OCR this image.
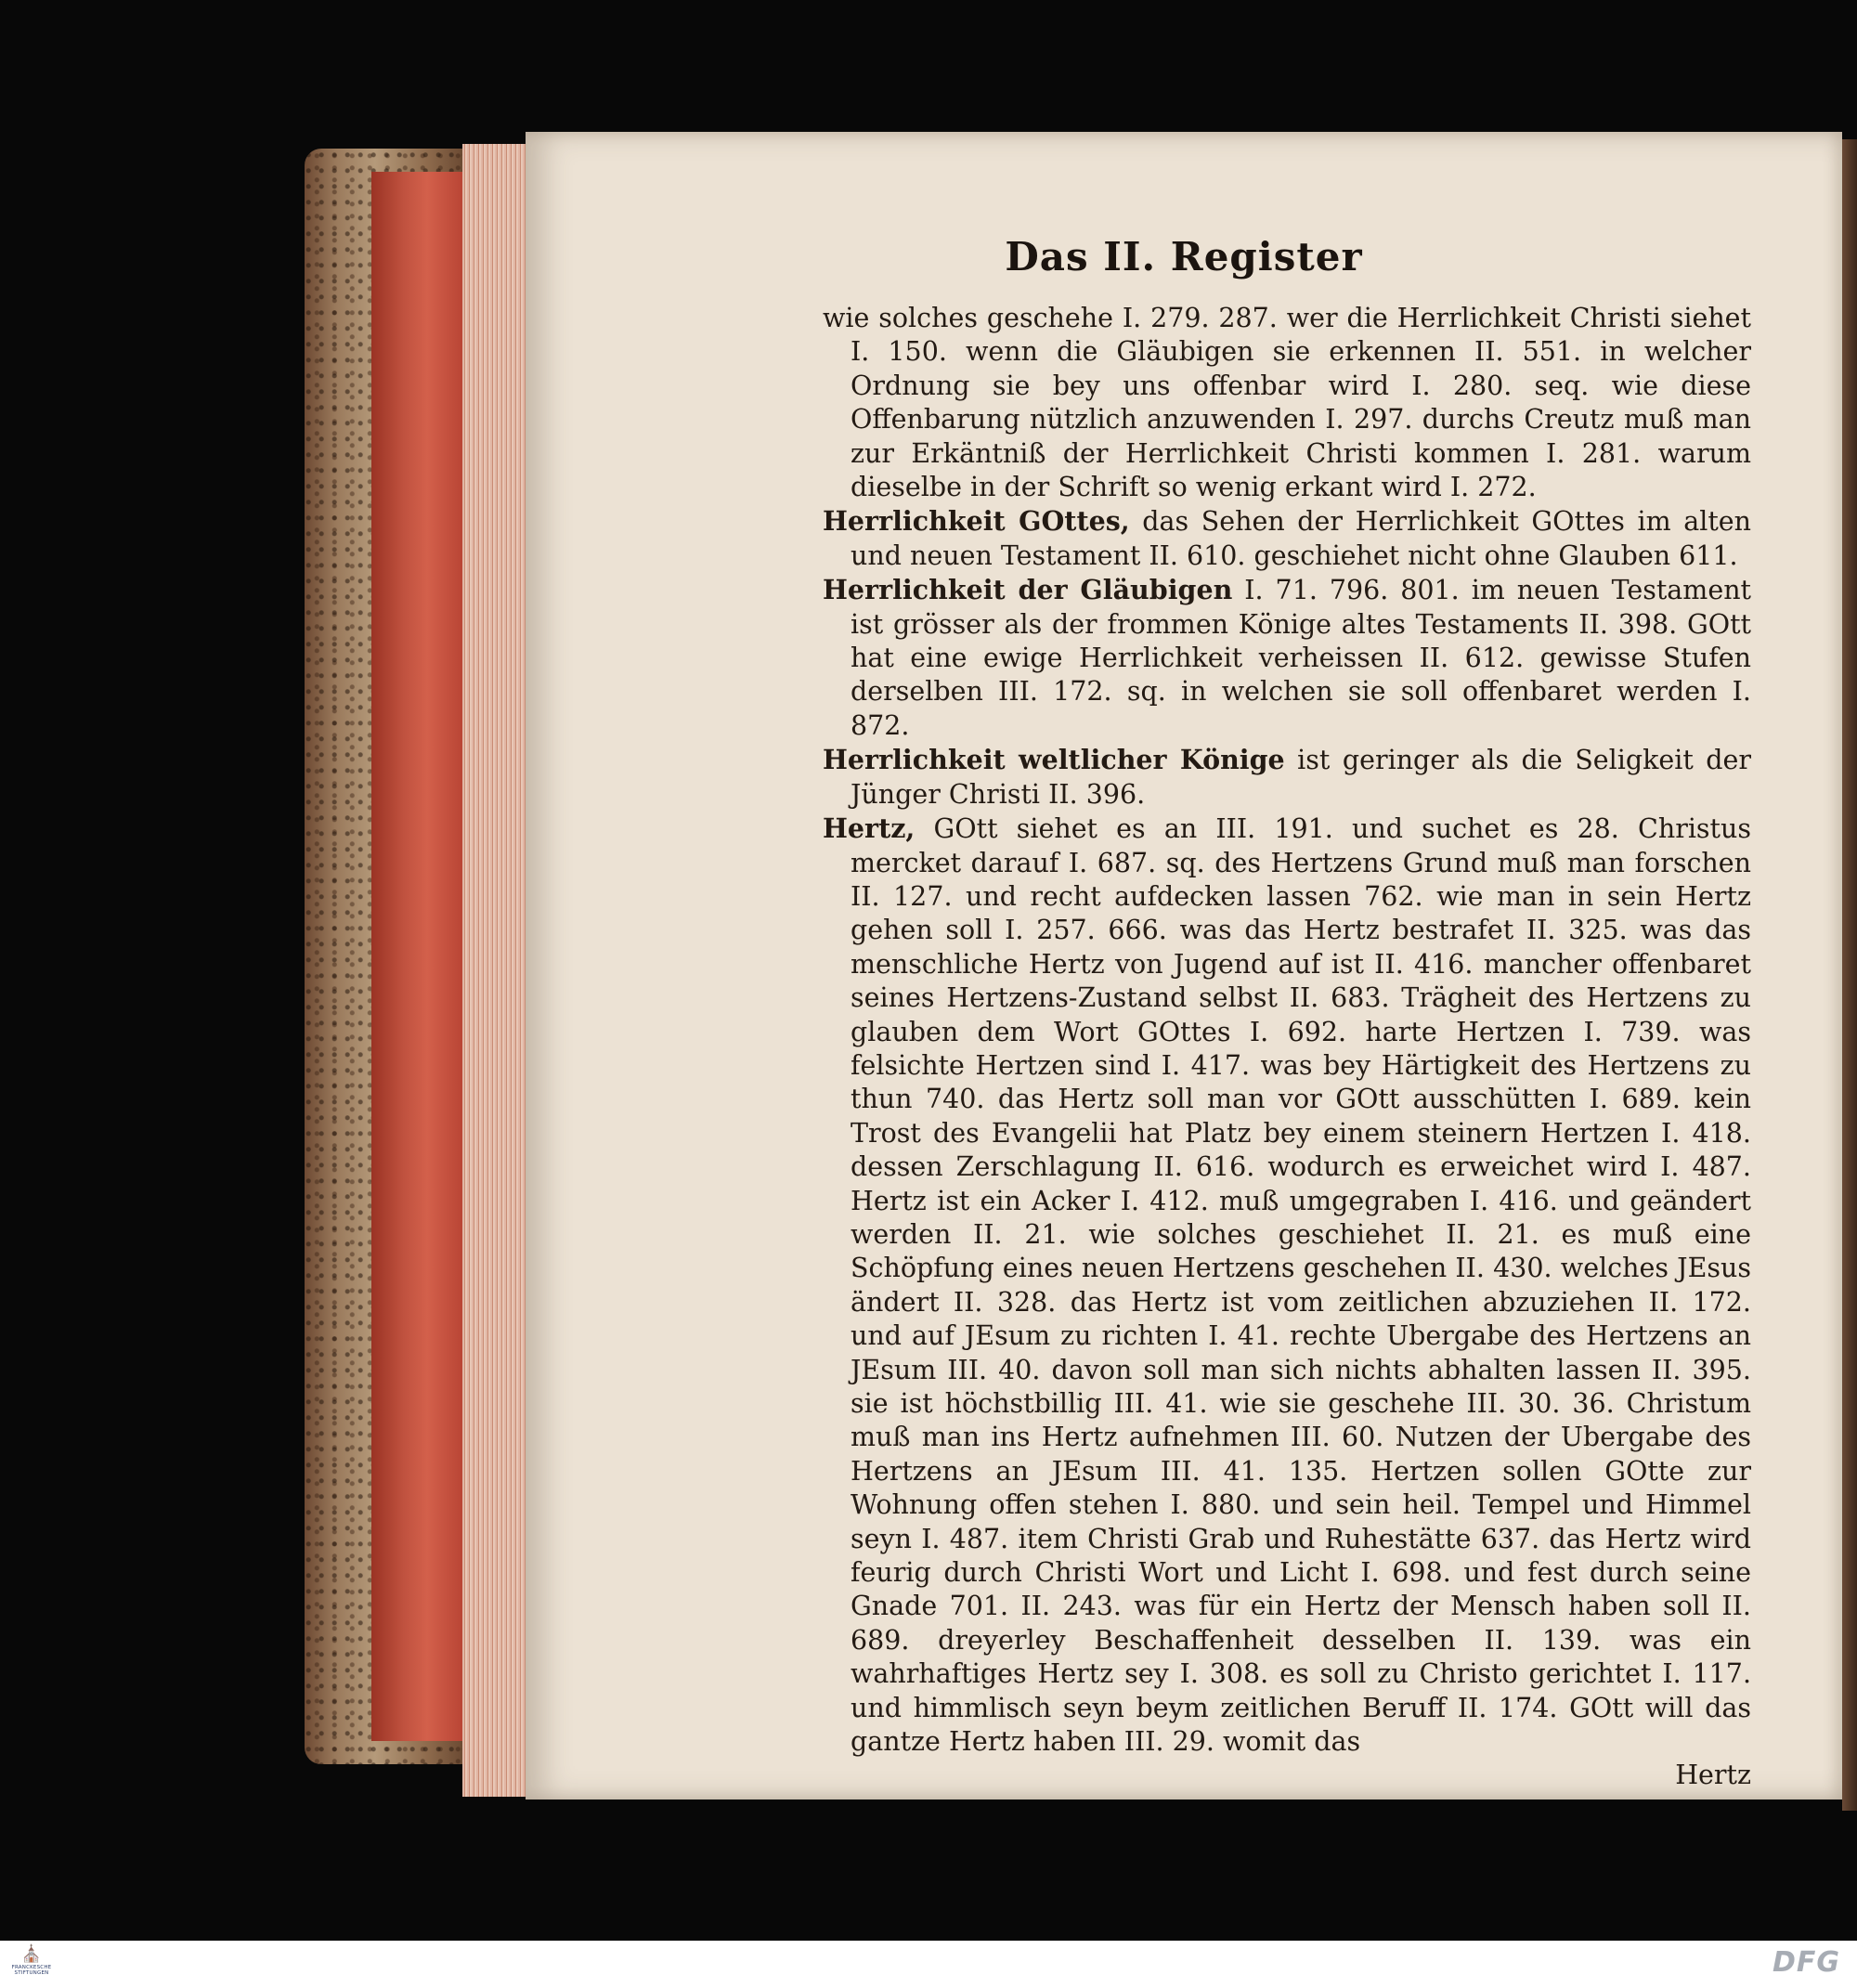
Das II. Register

wie solches geschehe I. 279. 287. wer die Herrlichkeit Christi siehet I. 150. wenn die Gläubigen sie erkennen II. 551. in welcher Ordnung sie bey uns offenbar wird I. 280. seq. wie diese Offenbarung nützlich anzuwenden I. 297. durchs Creutz muß man zur Erkäntniß der Herrlichkeit Christi kommen I. 281. warum dieselbe in der Schrift so wenig erkant wird I. 272.

Herrlichkeit GOttes, das Sehen der Herrlichkeit GOttes im alten und neuen Testament II. 610. geschiehet nicht ohne Glauben 611.

Herrlichkeit der Gläubigen I. 71. 796. 801. im neuen Testament ist grösser als der frommen Könige altes Testaments II. 398. GOtt hat eine ewige Herrlichkeit verheissen II. 612. gewisse Stufen derselben III. 172. sq. in welchen sie soll offenbaret werden I. 872.

Herrlichkeit weltlicher Könige ist geringer als die Seligkeit der Jünger Christi II. 396.

Hertz, GOtt siehet es an III. 191. und suchet es 28. Christus mercket darauf I. 687. sq. des Hertzens Grund muß man forschen II. 127. und recht aufdecken lassen 762. wie man in sein Hertz gehen soll I. 257. 666. was das Hertz bestrafet II. 325. was das menschliche Hertz von Jugend auf ist II. 416. mancher offenbaret seines Hertzens-Zustand selbst II. 683. Trägheit des Hertzens zu glauben dem Wort GOttes I. 692. harte Hertzen I. 739. was felsichte Hertzen sind I. 417. was bey Härtigkeit des Hertzens zu thun 740. das Hertz soll man vor GOtt ausschütten I. 689. kein Trost des Evangelii hat Platz bey einem steinern Hertzen I. 418. dessen Zerschlagung II. 616. wodurch es erweichet wird I. 487. Hertz ist ein Acker I. 412. muß umgegraben I. 416. und geändert werden II. 21. wie solches geschiehet II. 21. es muß eine Schöpfung eines neuen Hertzens geschehen II. 430. welches JEsus ändert II. 328. das Hertz ist vom zeitlichen abzuziehen II. 172. und auf JEsum zu richten I. 41. rechte Ubergabe des Hertzens an JEsum III. 40. davon soll man sich nichts abhalten lassen II. 395. sie ist höchstbillig III. 41. wie sie geschehe III. 30. 36. Christum muß man ins Hertz aufnehmen III. 60. Nutzen der Ubergabe des Hertzens an JEsum III. 41. 135. Hertzen sollen GOtte zur Wohnung offen stehen I. 880. und sein heil. Tempel und Himmel seyn I. 487. item Christi Grab und Ruhestätte 637. das Hertz wird feurig durch Christi Wort und Licht I. 698. und fest durch seine Gnade 701. II. 243. was für ein Hertz der Mensch haben soll II. 689. dreyerley Beschaffenheit desselben II. 139. was ein wahrhaftiges Hertz sey I. 308. es soll zu Christo gerichtet I. 117. und himmlisch seyn beym zeitlichen Beruff II. 174. GOtt will das gantze Hertz haben III. 29. womit das

Hertz
⛪
FRANCKESCHE STIFTUNGEN	DFG
